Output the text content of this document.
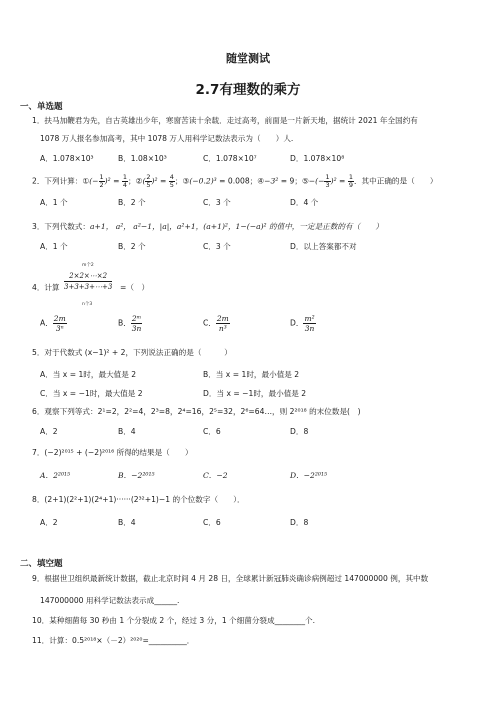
随堂测试
2.7有理数的乘方
一、单选题
1．扶马加鞭君为先，自古英雄出少年，寒窗苦读十余载．走过高考，前面是一片新天地，据统计 2021 年全国约有
1078 万人报名参加高考，其中 1078 万人用科学记数法表示为（　　）人.
A．1.078×10³	B．1.08×10³	C．1.078×10⁷	D．1.078×10⁸
2．下列计算：①(− $\frac{1}{2} )^2 = \frac{1}{4}$ ；②( $\frac{2}{5} )^2 = \frac{4}{5}$ ；③(−0.2)³ = 0.008；④−3² = 9；⑤−(− $\frac{1}{3} )^2 = \frac{1}{9}$ ．其中正确的是（　　）
A．1 个	B．2 个	C．3 个	D．4 个
3．下列代数式：a+1， a²， a²−1，|a|，a²+1，(a+1)²，1−(−a)² 的值中，一定是正数的有（　　）
A．1 个	B．2 个	C．3 个	D．以上答案都不对
4．计算
m个2
$\frac{2\times 2\times\cdots\times 2}{3+3+3+\cdots+3}$
n个3
=（　）
A． $\frac{2m}{\text{3ⁿ}}$	B． $\frac{\text{2ᵐ}}{3n}$	C． $\frac{2m}{\text{n³}}$	D． $\frac{\text{m²}}{3n}$
5．对于代数式 (x−1)² + 2，下列说法正确的是（　　　）
A．当 x = 1时，最大值是 2	B．当 x = 1时，最小值是 2
C．当 x = −1时，最大值是 2	D．当 x = −1时，最小值是 2
6．观察下列等式：2¹=2，2²=4，2³=8，2⁴=16，2⁵=32，2⁶=64…，则 2²⁰¹⁸ 的末位数是(　)
A．2	B．4	C．6	D．8
7．(−2)²⁰¹⁵ + (−2)²⁰¹⁶ 所得的结果是（　　）
A．2²⁰¹⁵	B．−2²⁰¹⁵	C．−2	D．−2²⁰¹⁵
8．(2+1)(2²+1)(2⁴+1)······(2³²+1)−1 的个位数字（　　）．
A．2	B．4	C．6	D．8
二、填空题
9．根据世卫组织最新统计数据，截止北京时间 4 月 28 日，全球累计新冠肺炎确诊病例超过 147000000 例，其中数
147000000 用科学记数法表示成______.
10．某种细菌每 30 秒由 1 个分裂成 2 个，经过 3 分，1 个细菌分裂成________个.
11．计算：0.5²⁰¹⁸×（－2）²⁰²⁰=__________．
